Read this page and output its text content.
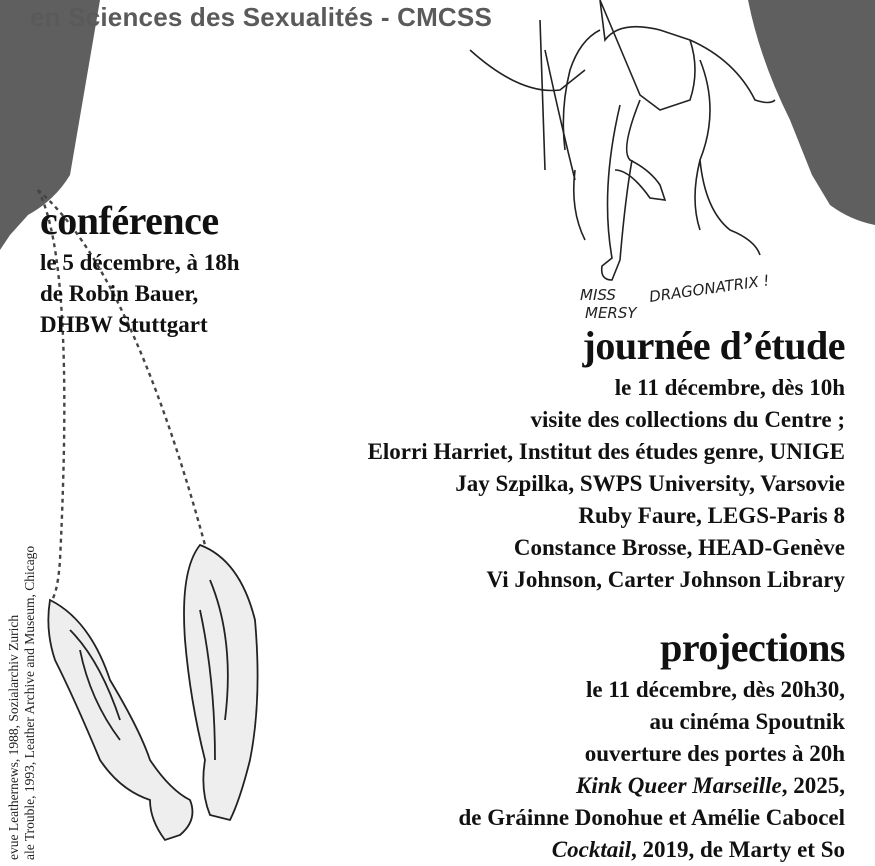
MISS
MERSY
DRAGONATRIX !

en Sciences des Sexualités - CMCSS

conférence

le 5 décembre, à 18h

de Robin Bauer,

DHBW Stuttgart	journée d’étude

le 11 décembre, dès 10h

visite des collections du Centre ;

Elorri Harriet, Institut des études genre, UNIGE

Jay Szpilka, SWPS University, Varsovie

Ruby Faure, LEGS-Paris 8

Constance Brosse, HEAD-Genève

Vi Johnson, Carter Johnson Library

projections

le 11 décembre, dès 20h30,

au cinéma Spoutnik

ouverture des portes à 20h

Kink Queer Marseille, 2025,

de Gráinne Donohue et Amélie Cabocel

Cocktail, 2019, de Marty et So

evue Leathernews, 1988, Sozialarchiv Zurich ale Trouble, 1993, Leather Archive and Museum, Chicago
